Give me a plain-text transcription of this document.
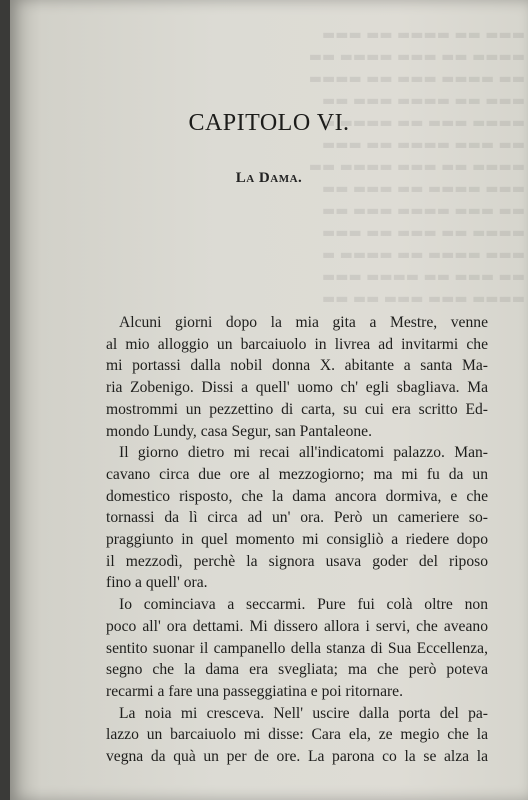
▬▬▬ ▬▬ ▬▬▬▬ ▬▬ ▬▬▬
▬▬▬▬ ▬▬ ▬▬▬ ▬▬▬▬ ▬▬
▬▬ ▬▬▬▬ ▬▬▬ ▬▬ ▬▬▬▬
▬▬▬ ▬▬ ▬▬▬▬ ▬▬▬ ▬▬
▬▬▬▬ ▬▬▬ ▬▬ ▬▬▬▬ ▬
▬▬ ▬▬▬ ▬▬▬▬ ▬▬ ▬▬▬
▬▬▬▬ ▬▬ ▬▬▬ ▬▬▬▬ ▬▬
▬▬▬ ▬▬▬▬ ▬▬ ▬▬▬ ▬▬
▬▬ ▬▬▬ ▬▬▬▬ ▬▬▬ ▬▬
▬▬▬▬ ▬▬ ▬▬▬ ▬▬ ▬▬▬
▬▬▬ ▬▬▬▬ ▬▬ ▬▬▬▬ ▬
▬▬ ▬▬▬ ▬▬ ▬▬▬▬ ▬▬▬
▬▬▬▬ ▬▬▬ ▬▬▬ ▬▬ ▬▬
CAPITOLO VI.
La Dama.
Alcuni giorni dopo la mia gita a Mestre, venne
al mio alloggio un barcaiuolo in livrea ad invitarmi che
mi portassi dalla nobil donna X. abitante a santa Ma-
ria Zobenigo. Dissi a quell' uomo ch' egli sbagliava. Ma
mostrommi un pezzettino di carta, su cui era scritto Ed-
mondo Lundy, casa Segur, san Pantaleone.
Il giorno dietro mi recai all'indicatomi palazzo. Man-
cavano circa due ore al mezzogiorno; ma mi fu da un
domestico risposto, che la dama ancora dormiva, e che
tornassi da lì circa ad un' ora. Però un cameriere so-
praggiunto in quel momento mi consigliò a riedere dopo
il mezzodì, perchè la signora usava goder del riposo
fino a quell' ora.
Io cominciava a seccarmi. Pure fui colà oltre non
poco all' ora dettami. Mi dissero allora i servi, che aveano
sentito suonar il campanello della stanza di Sua Eccellenza,
segno che la dama era svegliata; ma che però poteva
recarmi a fare una passeggiatina e poi ritornare.
La noia mi cresceva. Nell' uscire dalla porta del pa-
lazzo un barcaiuolo mi disse: Cara ela, ze megio che la
vegna da quà un per de ore. La parona co la se alza la
